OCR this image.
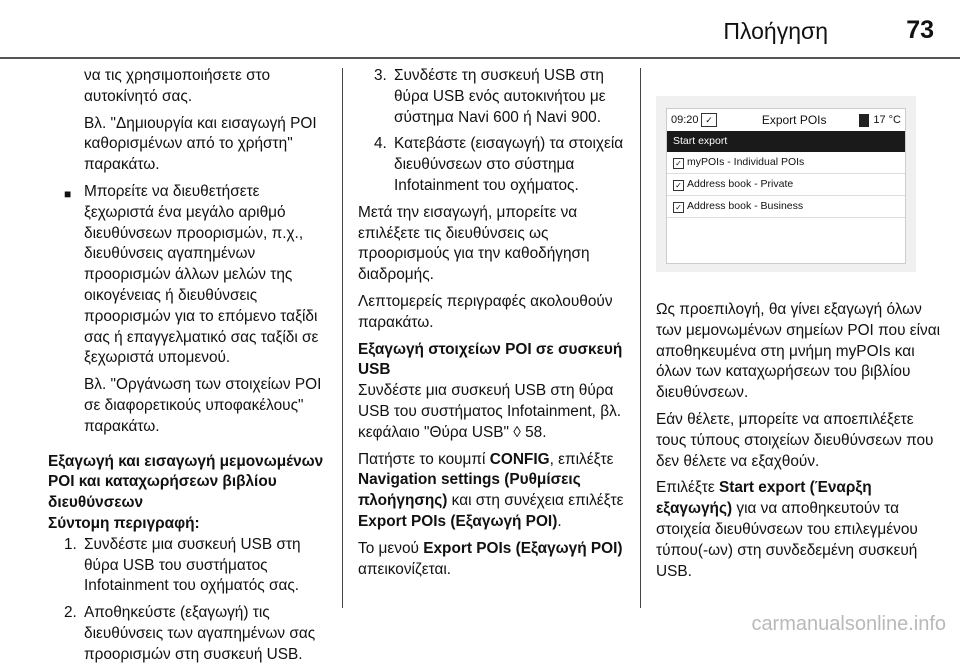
Πλοήγηση	73

να τις χρησιμοποιήσετε στο αυτοκίνητό σας.

Βλ. "Δημιουργία και εισαγωγή POI καθορισμένων από το χρήστη" παρακάτω.

■ Μπορείτε να διευθετήσετε ξεχωριστά ένα μεγάλο αριθμό διευθύνσεων προορισμών, π.χ., διευθύνσεις αγαπημένων προορισμών άλλων μελών της οικογένειας ή διευθύνσεις προορισμών για το επόμενο ταξίδι σας ή επαγγελματικό σας ταξίδι σε ξεχωριστά υπομενού.

Βλ. "Οργάνωση των στοιχείων POI σε διαφορετικούς υποφακέλους" παρακάτω.

Εξαγωγή και εισαγωγή μεμονωμένων POI και καταχωρήσεων βιβλίου διευθύνσεων

Σύντομη περιγραφή:

1. Συνδέστε μια συσκευή USB στη θύρα USB του συστήματος Infotainment του οχήματός σας.
2. Αποθηκεύστε (εξαγωγή) τις διευθύνσεις των αγαπημένων σας προορισμών στη συσκευή USB.
3. Συνδέστε τη συσκευή USB στη θύρα USB ενός αυτοκινήτου με σύστημα Navi 600 ή Navi 900.
4. Κατεβάστε (εισαγωγή) τα στοιχεία διευθύνσεων στο σύστημα Infotainment του οχήματος.

Μετά την εισαγωγή, μπορείτε να επιλέξετε τις διευθύνσεις ως προορισμούς για την καθοδήγηση διαδρομής.

Λεπτομερείς περιγραφές ακολουθούν παρακάτω.

Εξαγωγή στοιχείων POI σε συσκευή USB

Συνδέστε μια συσκευή USB στη θύρα USB του συστήματος Infotainment, βλ. κεφάλαιο "Θύρα USB" ◊ 58.

Πατήστε το κουμπί CONFIG, επιλέξτε Navigation settings (Ρυθμίσεις πλοήγησης) και στη συνέχεια επιλέξτε Export POIs (Εξαγωγή POI).

Το μενού Export POIs (Εξαγωγή POI) απεικονίζεται.

09:20 ✓	Export POIs	17 °C
Start export
✓ myPOIs - Individual POIs
✓ Address book - Private
✓ Address book - Business

Ως προεπιλογή, θα γίνει εξαγωγή όλων των μεμονωμένων σημείων POI που είναι αποθηκευμένα στη μνήμη myPOIs και όλων των καταχωρήσεων του βιβλίου διευθύνσεων.

Εάν θέλετε, μπορείτε να αποεπιλέξετε τους τύπους στοιχείων διευθύνσεων που δεν θέλετε να εξαχθούν.

Επιλέξτε Start export (Έναρξη εξαγωγής) για να αποθηκευτούν τα στοιχεία διευθύνσεων του επιλεγμένου τύπου(-ων) στη συνδεδεμένη συσκευή USB.

carmanualsonline.info
